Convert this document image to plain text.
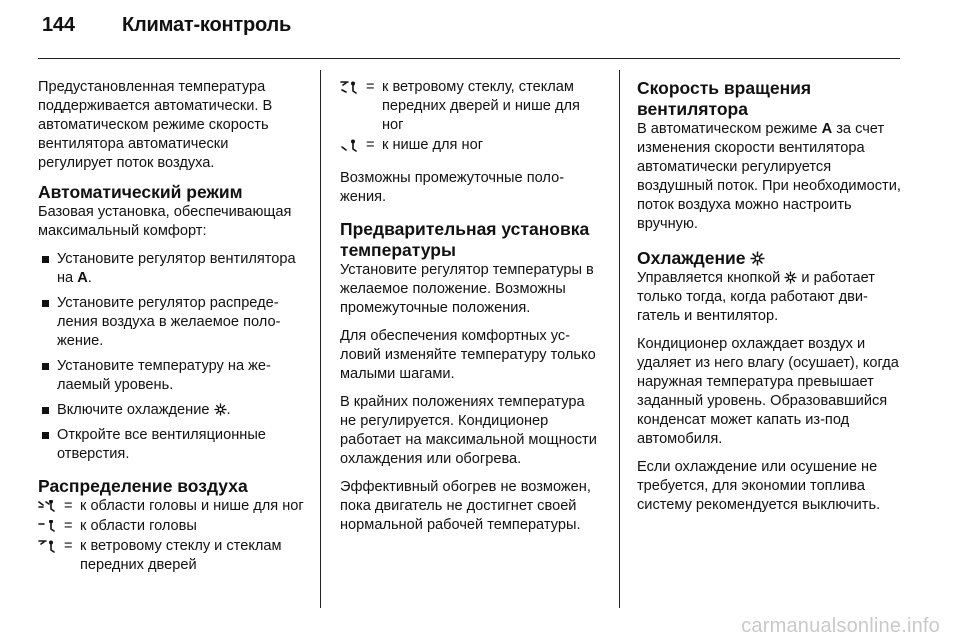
144 Климат-контроль

Предустановленная температура поддерживается автоматически. В автоматическом режиме скорость вентилятора автоматически регулирует поток воздуха.

Автоматический режим

Базовая установка, обеспечивающая максимальный комфорт:

Установите регулятор вентилятора на A.
Установите регулятор распределения воздуха в желаемое положение.
Установите температуру на желаемый уровень.
Включите охлаждение .
Откройте все вентиляционные отверстия.
Распределение воздуха
= к области головы и нише для ног
= к области головы
= к ветровому стеклу и стеклам передних дверей
= к ветровому стеклу, стеклам передних дверей и нише для ног
= к нише для ног

Возможны промежуточные положения.

Предварительная установка температуры

Установите регулятор температуры в желаемое положение. Возможны промежуточные положения.

Для обеспечения комфортных условий изменяйте температуру только малыми шагами.

В крайних положениях температура не регулируется. Кондиционер работает на максимальной мощности охлаждения или обогрева.

Эффективный обогрев не возможен, пока двигатель не достигнет своей нормальной рабочей температуры.

Скорость вращения вентилятора

В автоматическом режиме A за счет изменения скорости вентилятора автоматически регулируется воздушный поток. При необходимости, поток воздуха можно настроить вручную.

Охлаждение

Управляется кнопкой  и работает только тогда, когда работают двигатель и вентилятор.

Кондиционер охлаждает воздух и удаляет из него влагу (осушает), когда наружная температура превышает заданный уровень. Образовавшийся конденсат может капать из-под автомобиля.

Если охлаждение или осушение не требуется, для экономии топлива систему рекомендуется выключить.

carmanualsonline.info
